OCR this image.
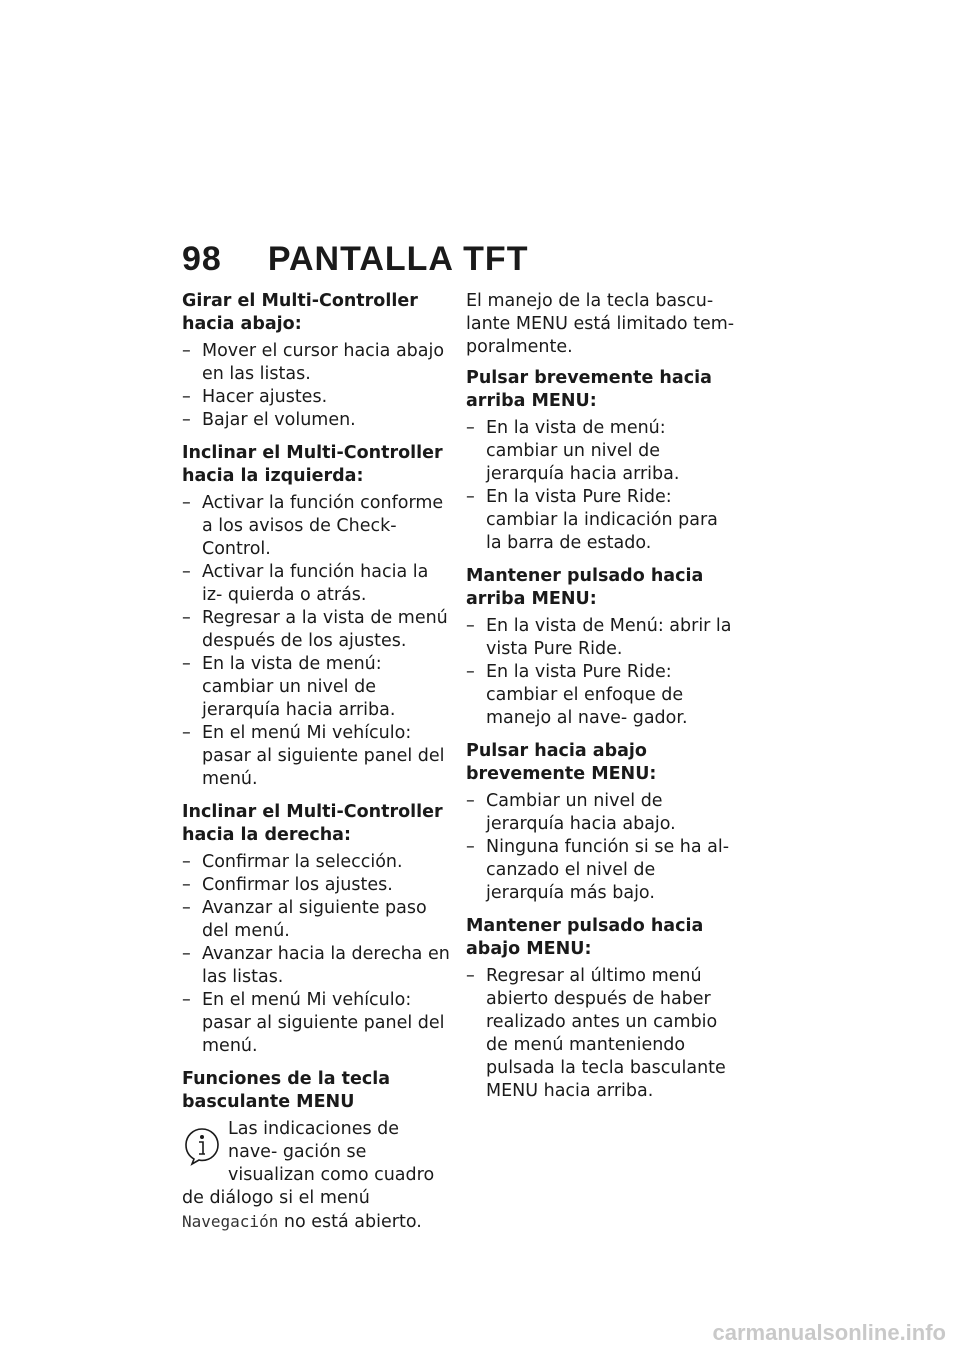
98 PANTALLA TFT
Girar el Multi-Controller hacia abajo:
– Mover el cursor hacia abajo en las listas.
– Hacer ajustes.
– Bajar el volumen.
Inclinar el Multi-Controller hacia la izquierda:
– Activar la función conforme a los avisos de Check-Control.
– Activar la función hacia la iz- quierda o atrás.
– Regresar a la vista de menú después de los ajustes.
– En la vista de menú: cambiar un nivel de jerarquía hacia arriba.
– En el menú Mi vehículo: pasar al siguiente panel del menú.
Inclinar el Multi-Controller hacia la derecha:
– Confirmar la selección.
– Confirmar los ajustes.
– Avanzar al siguiente paso del menú.
– Avanzar hacia la derecha en las listas.
– En el menú Mi vehículo: pasar al siguiente panel del menú.
Funciones de la tecla basculante MENU

Las indicaciones de nave- gación se visualizan como cuadro de diálogo si el menú
Navegación no está abierto.

El manejo de la tecla bascu- lante MENU está limitado tem- poralmente.

Pulsar brevemente hacia arriba MENU:
– En la vista de menú: cambiar un nivel de jerarquía hacia arriba.
– En la vista Pure Ride: cambiar la indicación para la barra de estado.
Mantener pulsado hacia arriba MENU:
– En la vista de Menú: abrir la vista Pure Ride.
– En la vista Pure Ride: cambiar el enfoque de manejo al nave- gador.
Pulsar hacia abajo brevemente MENU:
– Cambiar un nivel de jerarquía hacia abajo.
– Ninguna función si se ha al- canzado el nivel de jerarquía más bajo.
Mantener pulsado hacia abajo MENU:
– Regresar al último menú abierto después de haber realizado antes un cambio de menú manteniendo pulsada la tecla basculante MENU hacia arriba.
carmanualsonline.info
